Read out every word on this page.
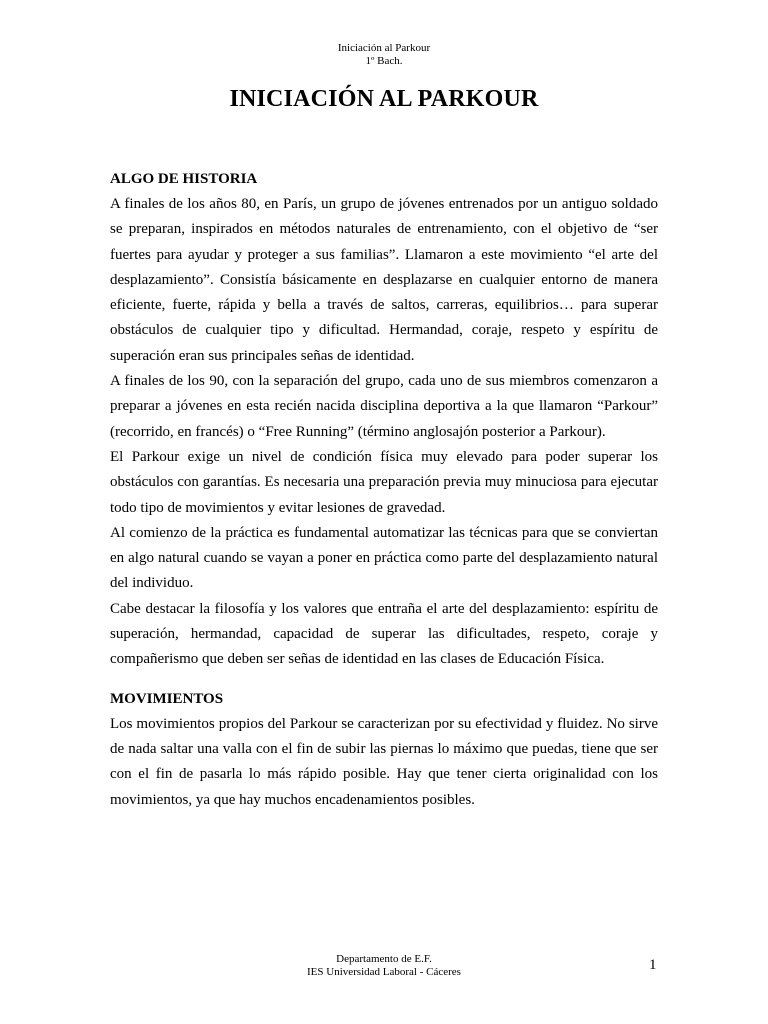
Iniciación al Parkour
1º Bach.
INICIACIÓN AL PARKOUR
ALGO DE HISTORIA

A finales de los años 80, en París, un grupo de jóvenes entrenados por un antiguo soldado se preparan, inspirados en métodos naturales de entrenamiento, con el objetivo de “ser fuertes para ayudar y proteger a sus familias”. Llamaron a este movimiento “el arte del desplazamiento”. Consistía básicamente en desplazarse en cualquier entorno de manera eficiente, fuerte, rápida y bella a través de saltos, carreras, equilibrios… para superar obstáculos de cualquier tipo y dificultad. Hermandad, coraje, respeto y espíritu de superación eran sus principales señas de identidad.

A finales de los 90, con la separación del grupo, cada uno de sus miembros comenzaron a preparar a jóvenes en esta recién nacida disciplina deportiva a la que llamaron “Parkour” (recorrido, en francés) o “Free Running” (término anglosajón posterior a Parkour).

El Parkour exige un nivel de condición física muy elevado para poder superar los obstáculos con garantías. Es necesaria una preparación previa muy minuciosa para ejecutar todo tipo de movimientos y evitar lesiones de gravedad.

Al comienzo de la práctica es fundamental automatizar las técnicas para que se conviertan en algo natural cuando se vayan a poner en práctica como parte del desplazamiento natural del individuo.

Cabe destacar la filosofía y los valores que entraña el arte del desplazamiento: espíritu de superación, hermandad, capacidad de superar las dificultades, respeto, coraje y compañerismo que deben ser señas de identidad en las clases de Educación Física.

MOVIMIENTOS

Los movimientos propios del Parkour se caracterizan por su efectividad y fluidez. No sirve de nada saltar una valla con el fin de subir las piernas lo máximo que puedas, tiene que ser con el fin de pasarla lo más rápido posible. Hay que tener cierta originalidad con los movimientos, ya que hay muchos encadenamientos posibles.

Departamento de E.F.
IES Universidad Laboral - Cáceres	1
